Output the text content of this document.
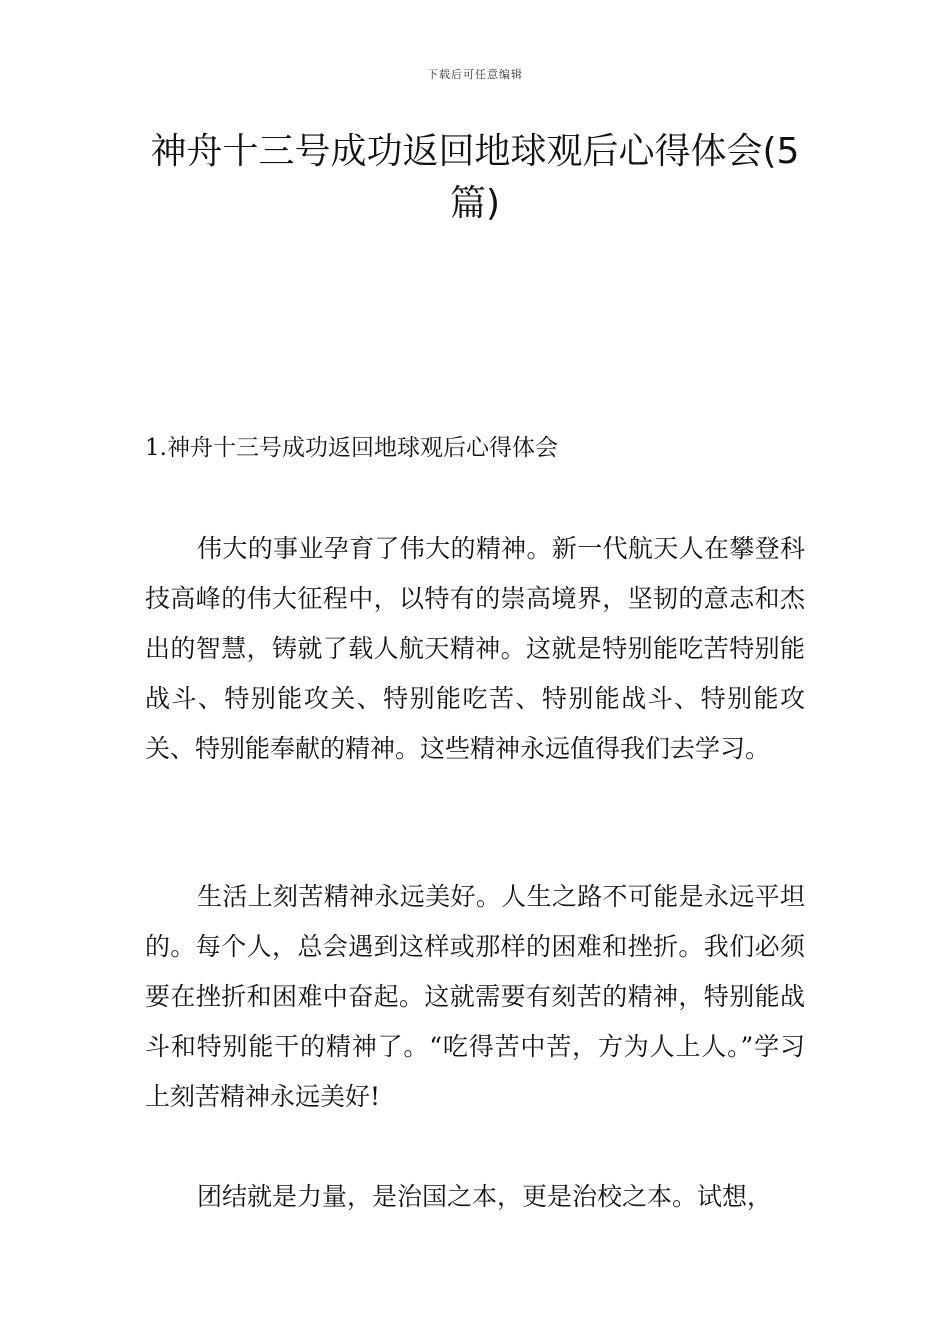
下载后可任意编辑
神舟十三号成功返回地球观后心得体会(5篇)
1.神舟十三号成功返回地球观后心得体会

伟大的事业孕育了伟大的精神。新一代航天人在攀登科技高峰的伟大征程中，以特有的崇高境界，坚韧的意志和杰出的智慧，铸就了载人航天精神。这就是特别能吃苦特别能战斗、特别能攻关、特别能吃苦、特别能战斗、特别能攻关、特别能奉献的精神。这些精神永远值得我们去学习。

生活上刻苦精神永远美好。人生之路不可能是永远平坦的。每个人，总会遇到这样或那样的困难和挫折。我们必须要在挫折和困难中奋起。这就需要有刻苦的精神，特别能战斗和特别能干的精神了。“吃得苦中苦，方为人上人。”学习上刻苦精神永远美好!

团结就是力量，是治国之本，更是治校之本。试想，
